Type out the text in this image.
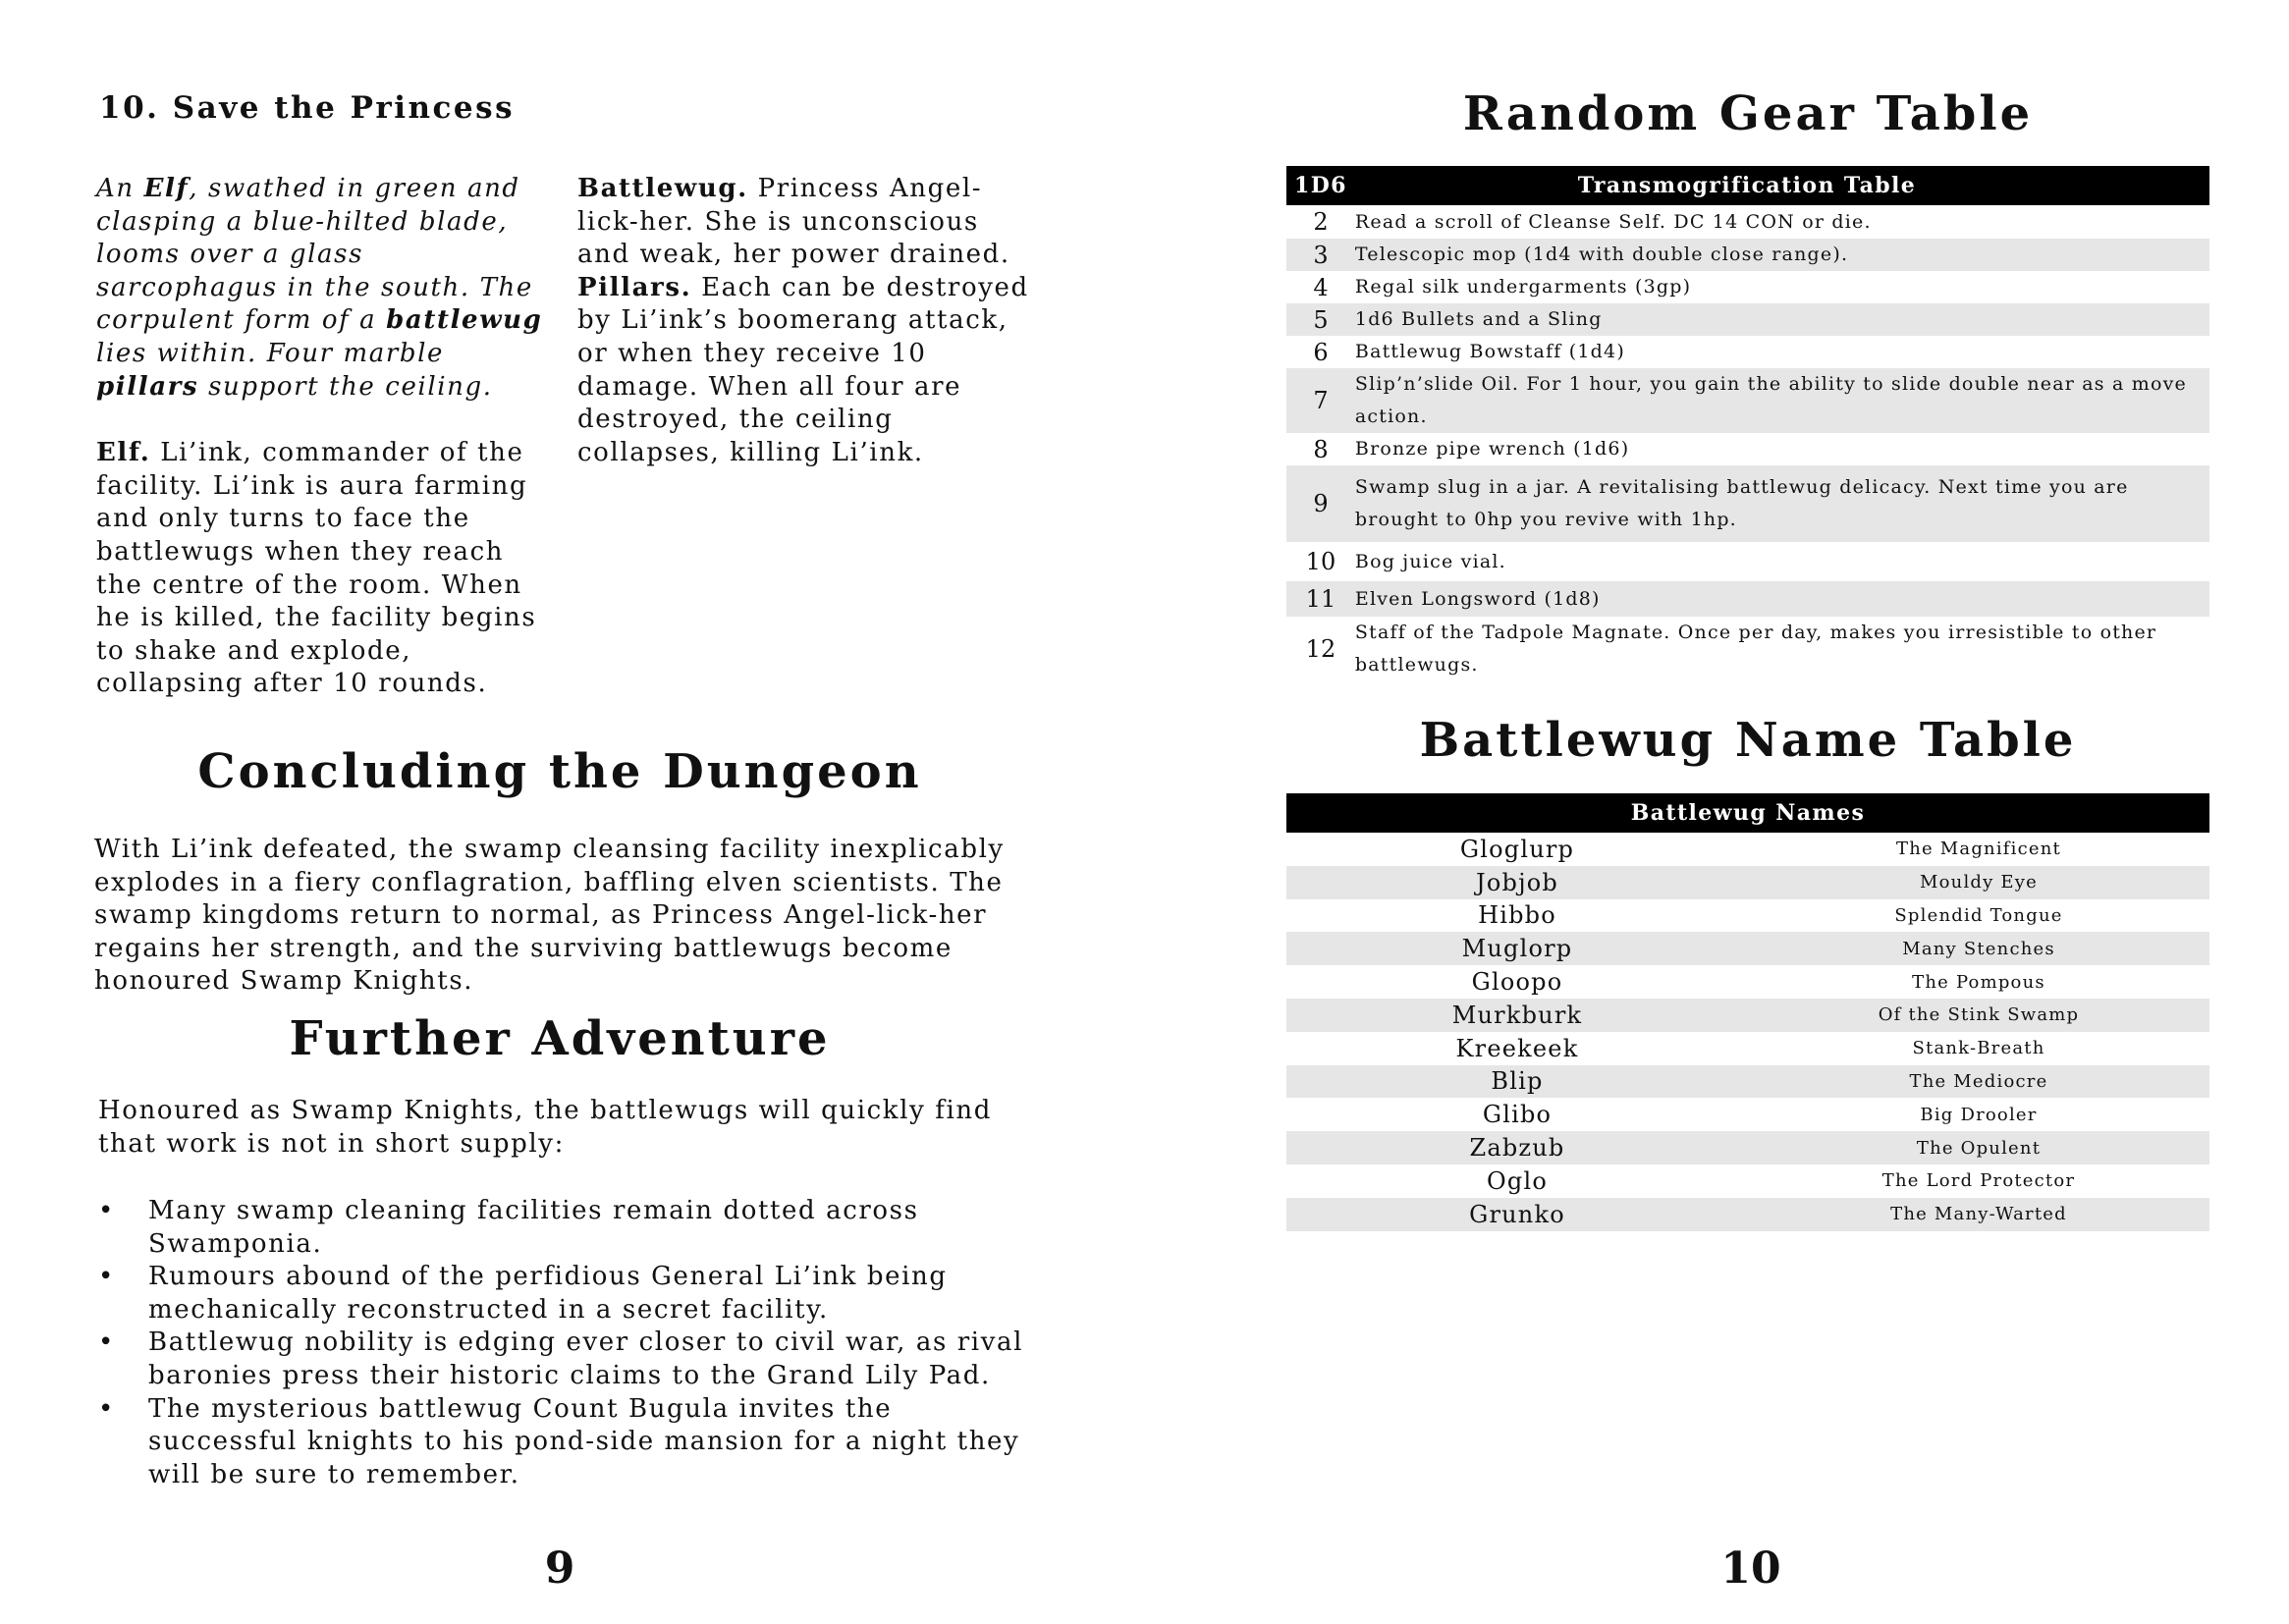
10. Save the Princess

An Elf, swathed in green and clasping a blue-hilted blade, looms over a glass sarcophagus in the south. The corpulent form of a battlewug lies within. Four marble pillars support the ceiling.

Elf. Li’ink, commander of the facility. Li’ink is aura farming and only turns to face the battlewugs when they reach the centre of the room. When he is killed, the facility begins to shake and explode, collapsing after 10 rounds.

Battlewug. Princess Angel-lick-her. She is unconscious and weak, her power drained.

Pillars. Each can be destroyed by Li’ink’s boomerang attack, or when they receive 10 damage. When all four are destroyed, the ceiling collapses, killing Li’ink.

Concluding the Dungeon

With Li’ink defeated, the swamp cleansing facility inexplicably explodes in a fiery conflagration, baffling elven scientists. The swamp kingdoms return to normal, as Princess Angel-lick-her regains her strength, and the surviving battlewugs become honoured Swamp Knights.

Further Adventure

Honoured as Swamp Knights, the battlewugs will quickly find that work is not in short supply:

• Many swamp cleaning facilities remain dotted across Swamponia.
• Rumours abound of the perfidious General Li’ink being mechanically reconstructed in a secret facility.
• Battlewug nobility is edging ever closer to civil war, as rival baronies press their historic claims to the Grand Lily Pad.
• The mysterious battlewug Count Bugula invites the successful knights to his pond-side mansion for a night they will be sure to remember.
9
Random Gear Table
1D6	Transmogrification Table
2	Read a scroll of Cleanse Self. DC 14 CON or die.
3	Telescopic mop (1d4 with double close range).
4	Regal silk undergarments (3gp)
5	1d6 Bullets and a Sling
6	Battlewug Bowstaff (1d4)
7	Slip’n’slide Oil. For 1 hour, you gain the ability to slide double near as a move action.
8	Bronze pipe wrench (1d6)
9	Swamp slug in a jar. A revitalising battlewug delicacy. Next time you are brought to 0hp you revive with 1hp.
10	Bog juice vial.
11	Elven Longsword (1d8)
12	Staff of the Tadpole Magnate. Once per day, makes you irresistible to other battlewugs.
Battlewug Name Table
Battlewug Names	
Gloglurp	The Magnificent
Jobjob	Mouldy Eye
Hibbo	Splendid Tongue
Muglorp	Many Stenches
Gloopo	The Pompous
Murkburk	Of the Stink Swamp
Kreekeek	Stank-Breath
Blip	The Mediocre
Glibo	Big Drooler
Zabzub	The Opulent
Oglo	The Lord Protector
Grunko	The Many-Warted
10
